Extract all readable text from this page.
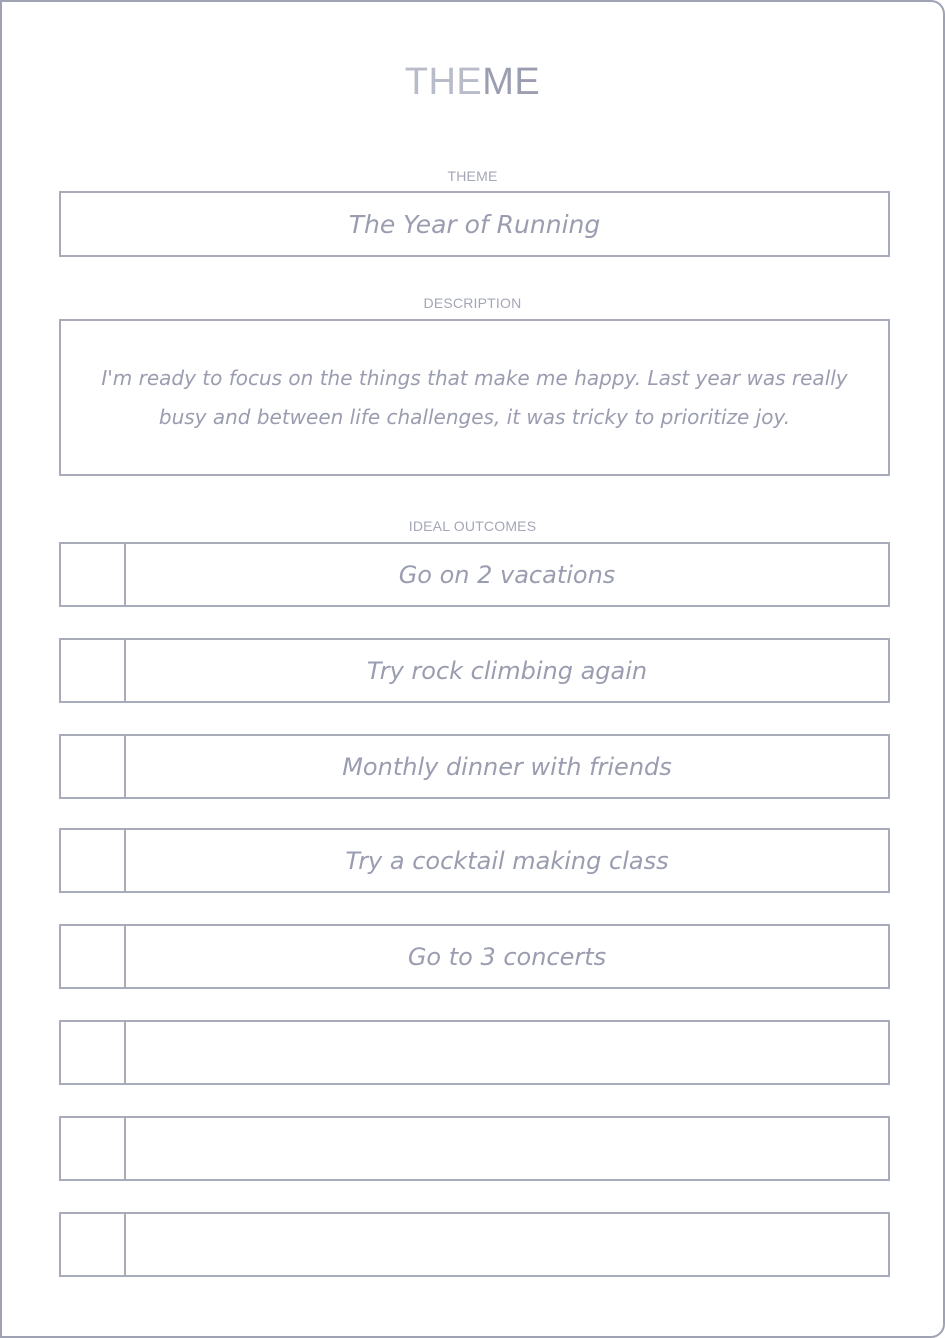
THEME
THEME
The Year of Running
DESCRIPTION
I'm ready to focus on the things that make me happy. Last year was really busy and between life challenges, it was tricky to prioritize joy.
IDEAL OUTCOMES
Go on 2 vacations
Try rock climbing again
Monthly dinner with friends
Try a cocktail making class
Go to 3 concerts
